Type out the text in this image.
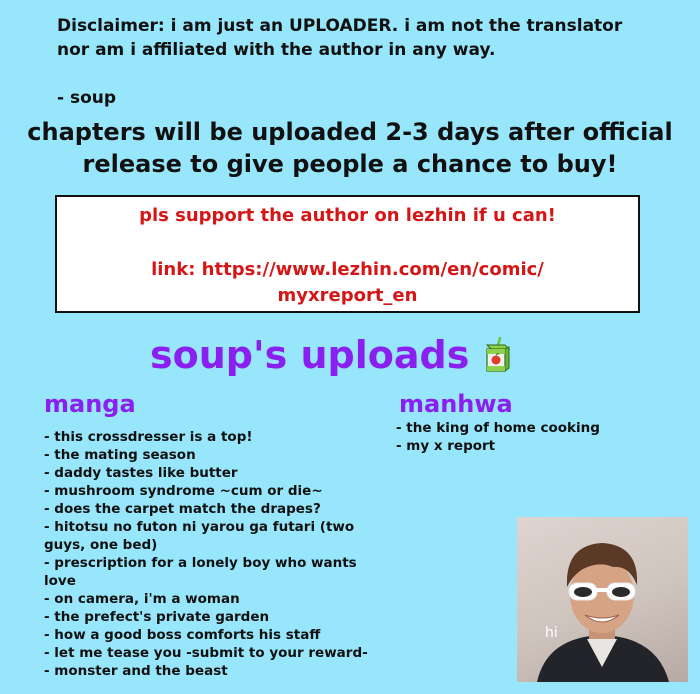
Disclaimer: i am just an UPLOADER. i am not the translator
nor am i affiliated with the author in any way.
- soup
chapters will be uploaded 2-3 days after official
release to give people a chance to buy!
pls support the author on lezhin if u can!
link: https://www.lezhin.com/en/comic/
myxreport_en
soup's uploads
manga
- this crossdresser is a top!
- the mating season
- daddy tastes like butter
- mushroom syndrome ~cum or die~
- does the carpet match the drapes?
- hitotsu no futon ni yarou ga futari (two guys, one bed)
- prescription for a lonely boy who wants love
- on camera, i'm a woman
- the prefect's private garden
- how a good boss comforts his staff
- let me tease you -submit to your reward-
- monster and the beast
manhwa
- the king of home cooking
- my x report
hi
